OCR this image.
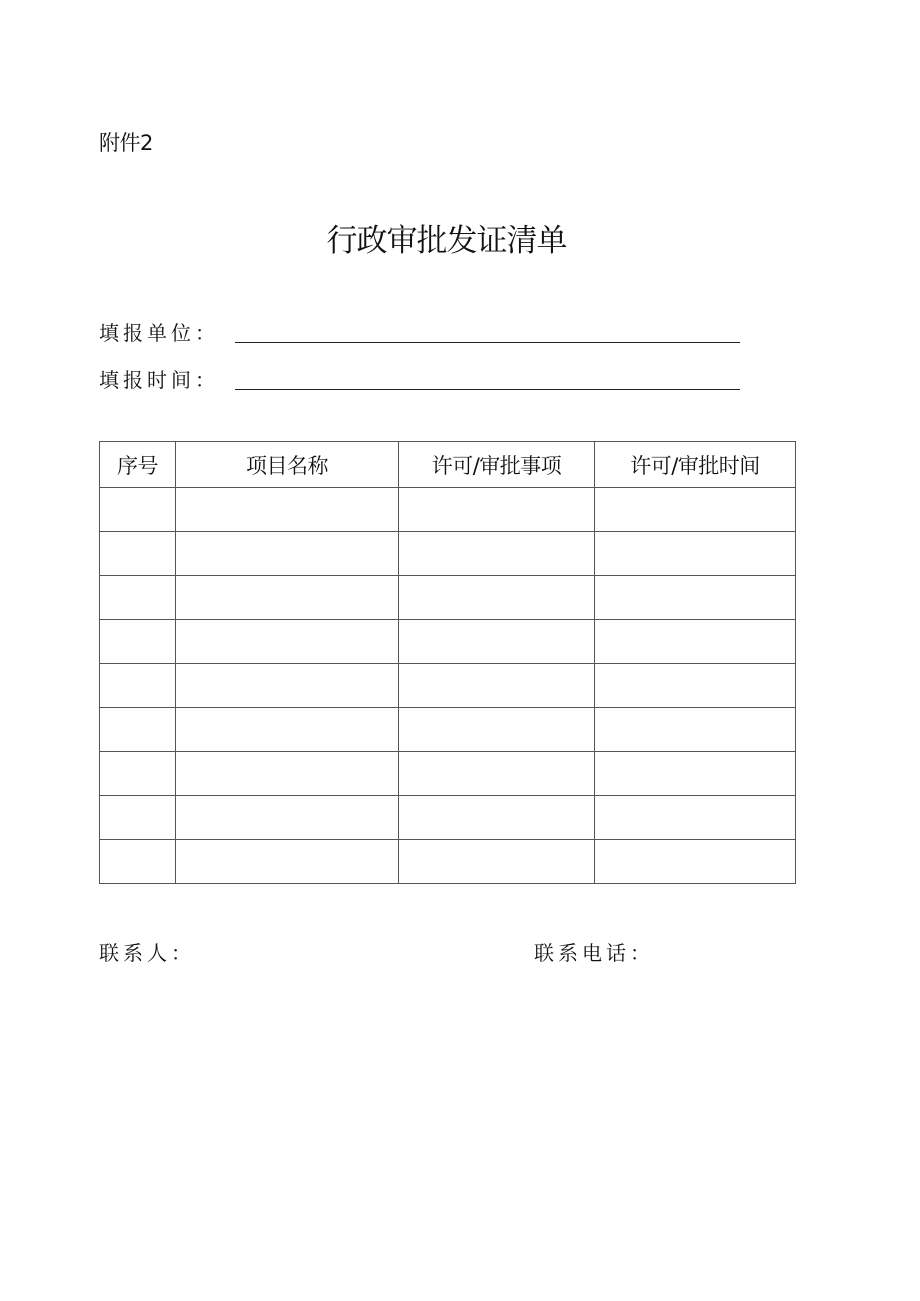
附件2
行政审批发证清单
填报单位：
填报时间：
序号	项目名称	许可/审批事项	许可/审批时间

联系人：	联系电话：
